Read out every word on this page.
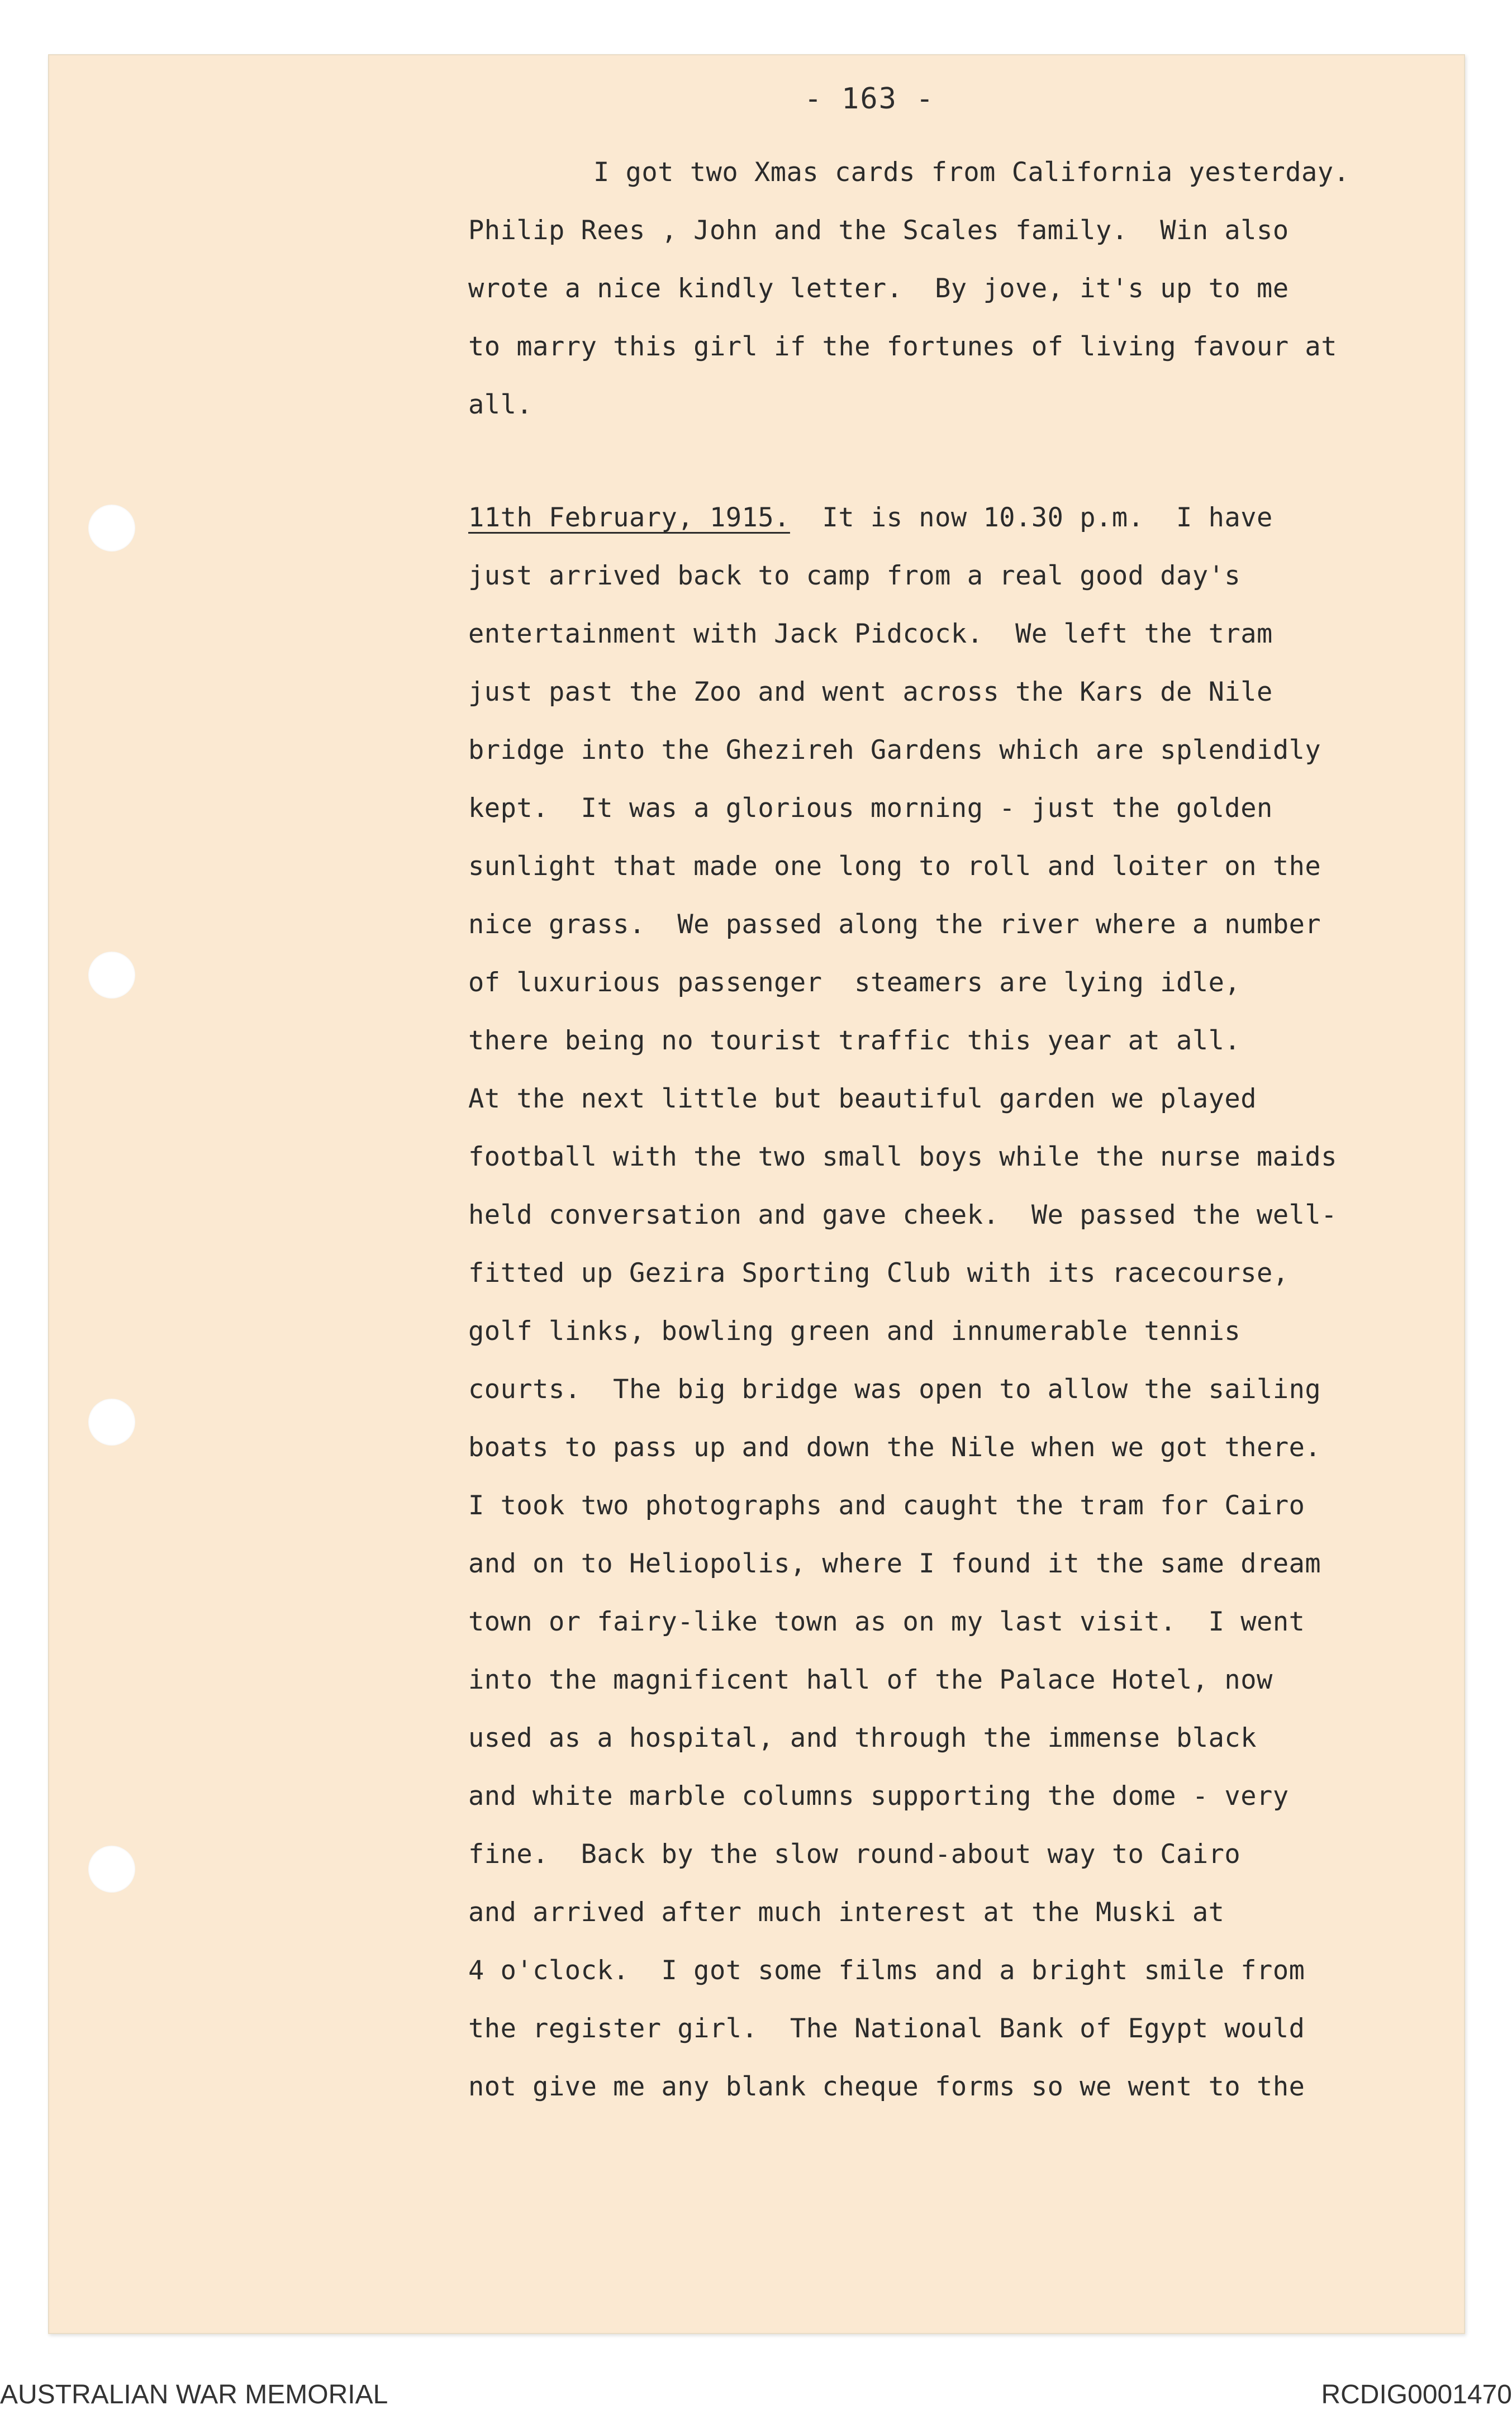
- 163 -
I got two Xmas cards from California yesterday.
Philip Rees , John and the Scales family.  Win also
wrote a nice kindly letter.  By jove, it's up to me
to marry this girl if the fortunes of living favour at
all.
11th February, 1915.  It is now 10.30 p.m.  I have
just arrived back to camp from a real good day's
entertainment with Jack Pidcock.  We left the tram
just past the Zoo and went across the Kars de Nile
bridge into the Ghezireh Gardens which are splendidly
kept.  It was a glorious morning - just the golden
sunlight that made one long to roll and loiter on the
nice grass.  We passed along the river where a number
of luxurious passenger  steamers are lying idle,
there being no tourist traffic this year at all.
At the next little but beautiful garden we played
football with the two small boys while the nurse maids
held conversation and gave cheek.  We passed the well-
fitted up Gezira Sporting Club with its racecourse,
golf links, bowling green and innumerable tennis
courts.  The big bridge was open to allow the sailing
boats to pass up and down the Nile when we got there.
I took two photographs and caught the tram for Cairo
and on to Heliopolis, where I found it the same dream
town or fairy-like town as on my last visit.  I went
into the magnificent hall of the Palace Hotel, now
used as a hospital, and through the immense black
and white marble columns supporting the dome - very
fine.  Back by the slow round-about way to Cairo
and arrived after much interest at the Muski at
4 o'clock.  I got some films and a bright smile from
the register girl.  The National Bank of Egypt would
not give me any blank cheque forms so we went to the
AUSTRALIAN WAR MEMORIAL	RCDIG0001470
